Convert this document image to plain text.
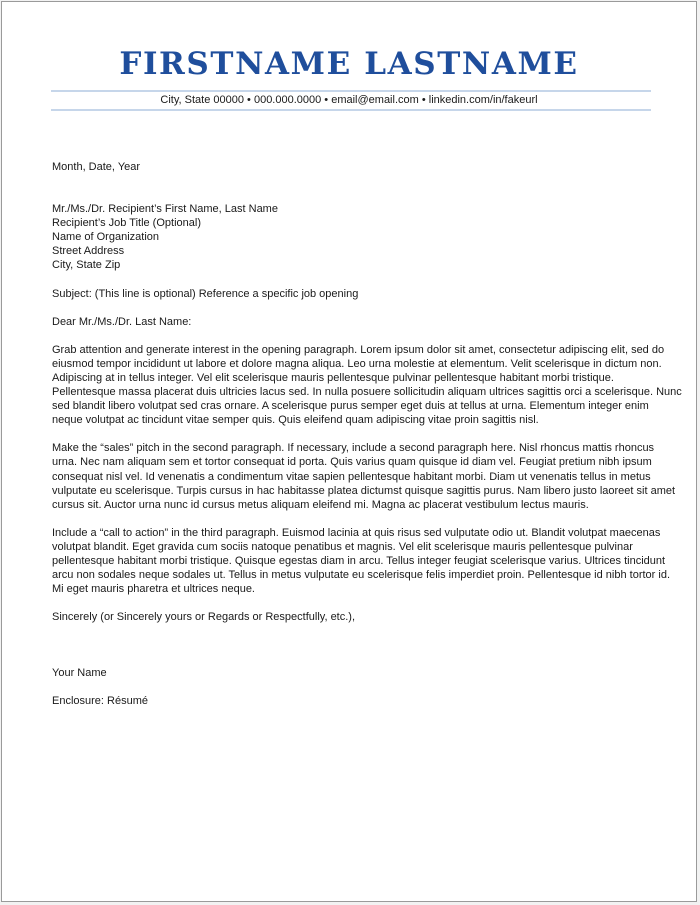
FIRSTNAME LASTNAME
City, State 00000 • 000.000.0000 • email@email.com • linkedin.com/in/fakeurl

Month, Date, Year

Mr./Ms./Dr. Recipient’s First Name, Last Name
Recipient’s Job Title (Optional)
Name of Organization
Street Address
City, State Zip

Subject: (This line is optional) Reference a specific job opening

Dear Mr./Ms./Dr. Last Name:

Grab attention and generate interest in the opening paragraph. Lorem ipsum dolor sit amet, consectetur adipiscing elit, sed do
eiusmod tempor incididunt ut labore et dolore magna aliqua. Leo urna molestie at elementum. Velit scelerisque in dictum non.
Adipiscing at in tellus integer. Vel elit scelerisque mauris pellentesque pulvinar pellentesque habitant morbi tristique.
Pellentesque massa placerat duis ultricies lacus sed. In nulla posuere sollicitudin aliquam ultrices sagittis orci a scelerisque. Nunc
sed blandit libero volutpat sed cras ornare. A scelerisque purus semper eget duis at tellus at urna. Elementum integer enim
neque volutpat ac tincidunt vitae semper quis. Quis eleifend quam adipiscing vitae proin sagittis nisl.

Make the “sales” pitch in the second paragraph. If necessary, include a second paragraph here. Nisl rhoncus mattis rhoncus
urna. Nec nam aliquam sem et tortor consequat id porta. Quis varius quam quisque id diam vel. Feugiat pretium nibh ipsum
consequat nisl vel. Id venenatis a condimentum vitae sapien pellentesque habitant morbi. Diam ut venenatis tellus in metus
vulputate eu scelerisque. Turpis cursus in hac habitasse platea dictumst quisque sagittis purus. Nam libero justo laoreet sit amet
cursus sit. Auctor urna nunc id cursus metus aliquam eleifend mi. Magna ac placerat vestibulum lectus mauris.

Include a “call to action” in the third paragraph. Euismod lacinia at quis risus sed vulputate odio ut. Blandit volutpat maecenas
volutpat blandit. Eget gravida cum sociis natoque penatibus et magnis. Vel elit scelerisque mauris pellentesque pulvinar
pellentesque habitant morbi tristique. Quisque egestas diam in arcu. Tellus integer feugiat scelerisque varius. Ultrices tincidunt
arcu non sodales neque sodales ut. Tellus in metus vulputate eu scelerisque felis imperdiet proin. Pellentesque id nibh tortor id.
Mi eget mauris pharetra et ultrices neque.

Sincerely (or Sincerely yours or Regards or Respectfully, etc.),

Your Name

Enclosure: Résumé
